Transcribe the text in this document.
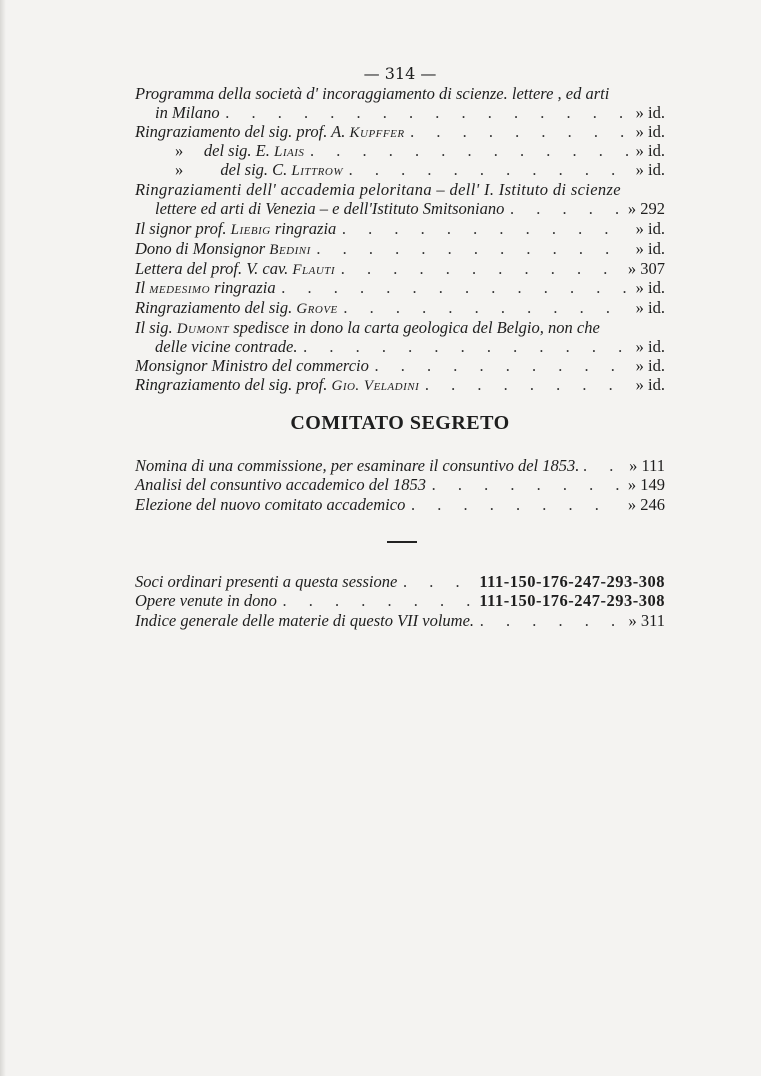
— 314 —
Programma della società d' incoraggiamento di scienze. lettere , ed arti
in Milano . . .	» id.
Ringraziamento del sig. prof. A. Kupffer . . .	» id.
» del sig. E. Liais . . .	» id.
» del sig. C. Littrow . . .	» id.
Ringraziamenti dell' accademia peloritana – dell' I. Istituto di scienze
lettere ed arti di Venezia – e dell'Istituto Smitsoniano . . .	» 292
Il signor prof. Liebig ringrazia . . .	» id.
Dono di Monsignor Bedini . . .	» id.
Lettera del prof. V. cav. Flauti . . .	» 307
Il medesimo ringrazia . . .	» id.
Ringraziamento del sig. Grove . . .	» id.
Il sig. Dumont spedisce in dono la carta geologica del Belgio, non che
delle vicine contrade. . . .	» id.
Monsignor Ministro del commercio . . .	» id.
Ringraziamento del sig. prof. Gio. Veladini . . .	» id.
COMITATO SEGRETO
Nomina di una commissione, per esaminare il consuntivo del 1853. . . .	» 111
Analisi del consuntivo accademico del 1853 . . .	» 149
Elezione del nuovo comitato accademico . . .	» 246
Soci ordinari presenti a questa sessione . . .	111-150-176-247-293-308
Opere venute in dono . . .	111-150-176-247-293-308
Indice generale delle materie di questo VII volume. . . .	» 311
